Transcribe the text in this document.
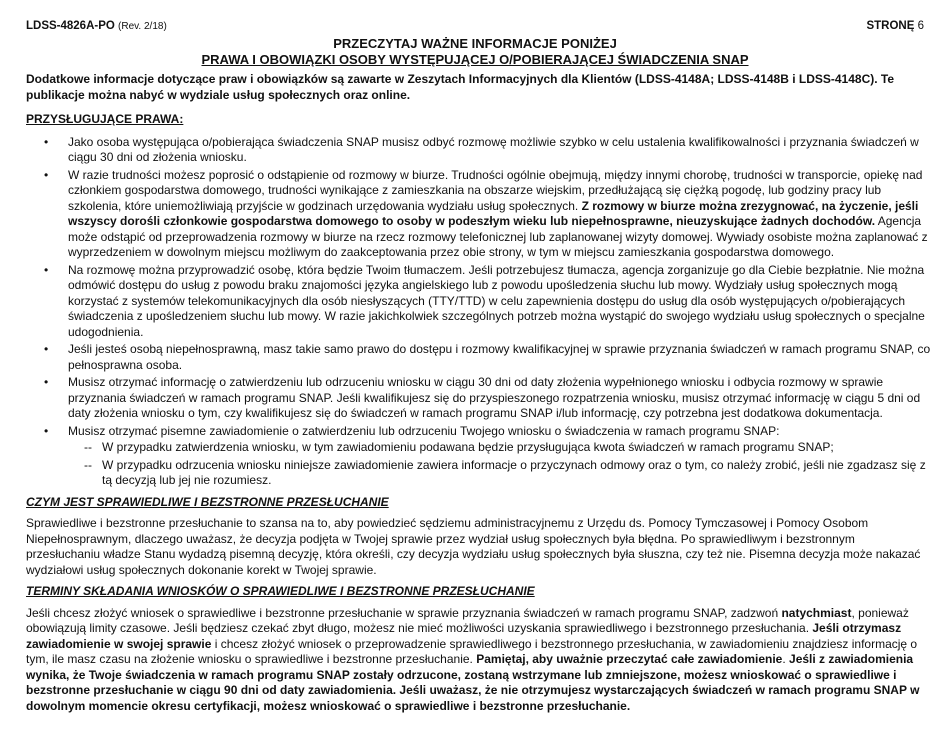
LDSS-4826A-PO (Rev. 2/18)	STRONĘ 6
PRZECZYTAJ WAŻNE INFORMACJE PONIŻEJ
PRAWA I OBOWIĄZKI OSOBY WYSTĘPUJĄCEJ O/POBIERAJĄCEJ ŚWIADCZENIA SNAP

Dodatkowe informacje dotyczące praw i obowiązków są zawarte w Zeszytach Informacyjnych dla Klientów (LDSS-4148A; LDSS-4148B i LDSS-4148C). Te publikacje można nabyć w wydziale usług społecznych oraz online.

PRZYSŁUGUJĄCE PRAWA:
• Jako osoba występująca o/pobierająca świadczenia SNAP musisz odbyć rozmowę możliwie szybko w celu ustalenia kwalifikowalności i przyznania świadczeń w ciągu 30 dni od złożenia wniosku.
• W razie trudności możesz poprosić o odstąpienie od rozmowy w biurze. Trudności ogólnie obejmują, między innymi chorobę, trudności w transporcie, opiekę nad członkiem gospodarstwa domowego, trudności wynikające z zamieszkania na obszarze wiejskim, przedłużającą się ciężką pogodę, lub godziny pracy lub szkolenia, które uniemożliwiają przyjście w godzinach urzędowania wydziału usług społecznych. Z rozmowy w biurze można zrezygnować, na życzenie, jeśli wszyscy dorośli członkowie gospodarstwa domowego to osoby w podeszłym wieku lub niepełnosprawne, nieuzyskujące żadnych dochodów. Agencja może odstąpić od przeprowadzenia rozmowy w biurze na rzecz rozmowy telefonicznej lub zaplanowanej wizyty domowej. Wywiady osobiste można zaplanować z wyprzedzeniem w dowolnym miejscu możliwym do zaakceptowania przez obie strony, w tym w miejscu zamieszkania gospodarstwa domowego.
• Na rozmowę można przyprowadzić osobę, która będzie Twoim tłumaczem. Jeśli potrzebujesz tłumacza, agencja zorganizuje go dla Ciebie bezpłatnie. Nie można odmówić dostępu do usług z powodu braku znajomości języka angielskiego lub z powodu upośledzenia słuchu lub mowy. Wydziały usług społecznych mogą korzystać z systemów telekomunikacyjnych dla osób niesłyszących (TTY/TTD) w celu zapewnienia dostępu do usług dla osób występujących o/pobierających świadczenia z upośledzeniem słuchu lub mowy. W razie jakichkolwiek szczególnych potrzeb można wystąpić do swojego wydziału usług społecznych o specjalne udogodnienia.
• Jeśli jesteś osobą niepełnosprawną, masz takie samo prawo do dostępu i rozmowy kwalifikacyjnej w sprawie przyznania świadczeń w ramach programu SNAP, co pełnosprawna osoba.
• Musisz otrzymać informację o zatwierdzeniu lub odrzuceniu wniosku w ciągu 30 dni od daty złożenia wypełnionego wniosku i odbycia rozmowy w sprawie przyznania świadczeń w ramach programu SNAP. Jeśli kwalifikujesz się do przyspieszonego rozpatrzenia wniosku, musisz otrzymać informację w ciągu 5 dni od daty złożenia wniosku o tym, czy kwalifikujesz się do świadczeń w ramach programu SNAP i/lub informację, czy potrzebna jest dodatkowa dokumentacja.
• Musisz otrzymać pisemne zawiadomienie o zatwierdzeniu lub odrzuceniu Twojego wniosku o świadczenia w ramach programu SNAP:
-- W przypadku zatwierdzenia wniosku, w tym zawiadomieniu podawana będzie przysługująca kwota świadczeń w ramach programu SNAP;
-- W przypadku odrzucenia wniosku niniejsze zawiadomienie zawiera informacje o przyczynach odmowy oraz o tym, co należy zrobić, jeśli nie zgadzasz się z tą decyzją lub jej nie rozumiesz.
CZYM JEST SPRAWIEDLIWE I BEZSTRONNE PRZESŁUCHANIE

Sprawiedliwe i bezstronne przesłuchanie to szansa na to, aby powiedzieć sędziemu administracyjnemu z Urzędu ds. Pomocy Tymczasowej i Pomocy Osobom Niepełnosprawnym, dlaczego uważasz, że decyzja podjęta w Twojej sprawie przez wydział usług społecznych była błędna. Po sprawiedliwym i bezstronnym przesłuchaniu władze Stanu wydadzą pisemną decyzję, która określi, czy decyzja wydziału usług społecznych była słuszna, czy też nie. Pisemna decyzja może nakazać wydziałowi usług społecznych dokonanie korekt w Twojej sprawie.

TERMINY SKŁADANIA WNIOSKÓW O SPRAWIEDLIWE I BEZSTRONNE PRZESŁUCHANIE

Jeśli chcesz złożyć wniosek o sprawiedliwe i bezstronne przesłuchanie w sprawie przyznania świadczeń w ramach programu SNAP, zadzwoń natychmiast, ponieważ obowiązują limity czasowe. Jeśli będziesz czekać zbyt długo, możesz nie mieć możliwości uzyskania sprawiedliwego i bezstronnego przesłuchania. Jeśli otrzymasz zawiadomienie w swojej sprawie i chcesz złożyć wniosek o przeprowadzenie sprawiedliwego i bezstronnego przesłuchania, w zawiadomieniu znajdziesz informację o tym, ile masz czasu na złożenie wniosku o sprawiedliwe i bezstronne przesłuchanie. Pamiętaj, aby uważnie przeczytać całe zawiadomienie. Jeśli z zawiadomienia wynika, że Twoje świadczenia w ramach programu SNAP zostały odrzucone, zostaną wstrzymane lub zmniejszone, możesz wnioskować o sprawiedliwe i bezstronne przesłuchanie w ciągu 90 dni od daty zawiadomienia. Jeśli uważasz, że nie otrzymujesz wystarczających świadczeń w ramach programu SNAP w dowolnym momencie okresu certyfikacji, możesz wnioskować o sprawiedliwe i bezstronne przesłuchanie.
